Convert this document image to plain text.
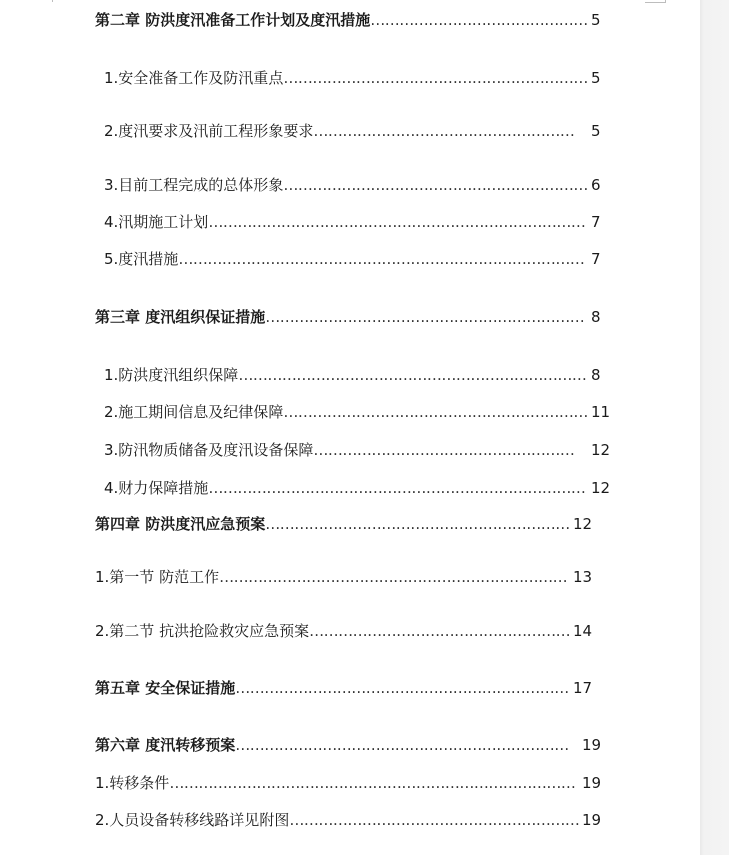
第二章 防洪度汛准备工作计划及度汛措施……………………………………… 5
1.安全准备工作及防汛重点……………………………………………………… 5
2.度汛要求及汛前工程形象要求……………………………………………… 5
3.目前工程完成的总体形象……………………………………………………… 6
4.汛期施工计划…………………………………………………………………… 7
5.度汛措施………………………………………………………………………… 7
第三章 度汛组织保证措施………………………………………………………… 8
1.防洪度汛组织保障……………………………………………………………… 8
2.施工期间信息及纪律保障……………………………………………………… 11
3.防汛物质储备及度汛设备保障……………………………………………… 12
4.财力保障措施…………………………………………………………………… 12
第四章 防洪度汛应急预案……………………………………………………… 12
1.第一节 防范工作……………………………………………………………… 13
2.第二节 抗洪抢险救灾应急预案……………………………………………… 14
第五章 安全保证措施…………………………………………………………… 17
第六章 度汛转移预案…………………………………………………………… 19
1.转移条件………………………………………………………………………… 19
2.人员设备转移线路详见附图…………………………………………………… 19
